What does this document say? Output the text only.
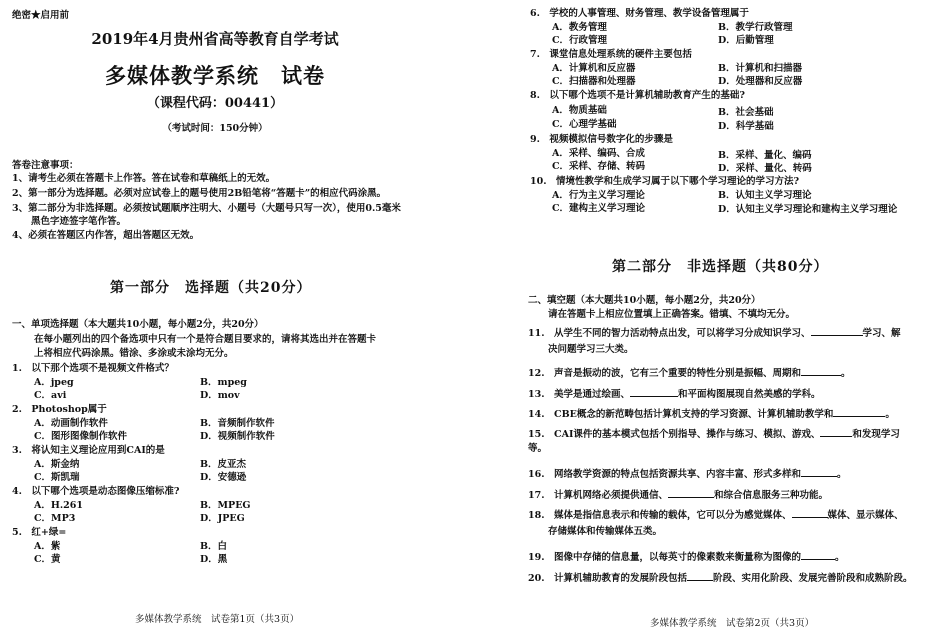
绝密★启用前
2019年4月贵州省高等教育自学考试
多媒体教学系统　试卷
（课程代码：00441）
（考试时间：150分钟）
答卷注意事项：
1、请考生必须在答题卡上作答。答在试卷和草稿纸上的无效。
2、第一部分为选择题。必须对应试卷上的题号使用2B铅笔将“答题卡”的相应代码涂黑。
3、第二部分为非选择题。必须按试题顺序注明大、小题号（大题号只写一次），使用0.5毫米
　　黑色字迹签字笔作答。
4、必须在答题区内作答，超出答题区无效。
第一部分　选择题（共20分）
一、单项选择题（本大题共10小题，每小题2分，共20分）
在每小题列出的四个备选项中只有一个是符合题目要求的，请将其选出并在答题卡
上将相应代码涂黑。错涂、多涂或未涂均无分。
1.　以下那个选项不是视频文件格式？
A．jpeg	B．mpeg
C．avi	D．mov
2.　Photoshop属于
A．动画制作软件	B．音频制作软件
C．图形图像制作软件	D．视频制作软件
3.　将认知主义理论应用到CAI的是
A．斯金纳	B．皮亚杰
C．斯凯瑞	D．安德逊
4.　以下哪个选项是动态图像压缩标准?
A．H.261	B．MPEG
C．MP3	D．JPEG
5.　红+绿=
A．紫	B．白
C．黄	D．黑
多媒体教学系统　试卷第1页（共3页）
6.　学校的人事管理、财务管理、教学设备管理属于
A．教务管理	B．教学行政管理
C．行政管理	D．后勤管理
7.　课堂信息处理系统的硬件主要包括
A．计算机和反应器	B．计算机和扫描器
C．扫描器和处理器	D．处理器和反应器
8.　以下哪个选项不是计算机辅助教育产生的基础?
A．物质基础	B．社会基础
C．心理学基础	D．科学基础
9.　视频模拟信号数字化的步骤是
A．采样、编码、合成	B．采样、量化、编码
C．采样、存储、转码	D．采样、量化、转码
10.　情境性教学和生成学习属于以下哪个学习理论的学习方法?
A．行为主义学习理论	B．认知主义学习理论
C．建构主义学习理论	D．认知主义学习理论和建构主义学习理论
第二部分　非选择题（共80分）
二、填空题（本大题共10小题，每小题2分，共20分）
请在答题卡上相应位置填上正确答案。错填、不填均无分。
11.　从学生不同的智力活动特点出发，可以将学习分成知识学习、	学习、解
决问题学习三大类。
12.　声音是振动的波，它有三个重要的特性分别是振幅、周期和	。
13.　美学是通过绘画、	和平面构图展现自然美感的学科。
14.　CBE概念的新范畴包括计算机支持的学习资源、计算机辅助教学和	。
15.　CAI课件的基本模式包括个别指导、操作与练习、模拟、游戏、	和发现学习
等。
16.　网络教学资源的特点包括资源共享、内容丰富、形式多样和	。
17.　计算机网络必须提供通信、	和综合信息服务三种功能。
18.　媒体是指信息表示和传输的载体，它可以分为感觉媒体、	媒体、显示媒体、
存储媒体和传输媒体五类。
19.　图像中存储的信息量，以每英寸的像素数来衡量称为图像的	。
20.　计算机辅助教育的发展阶段包括	阶段、实用化阶段、发展完善阶段和成熟阶段。
多媒体教学系统　试卷第2页（共3页）
